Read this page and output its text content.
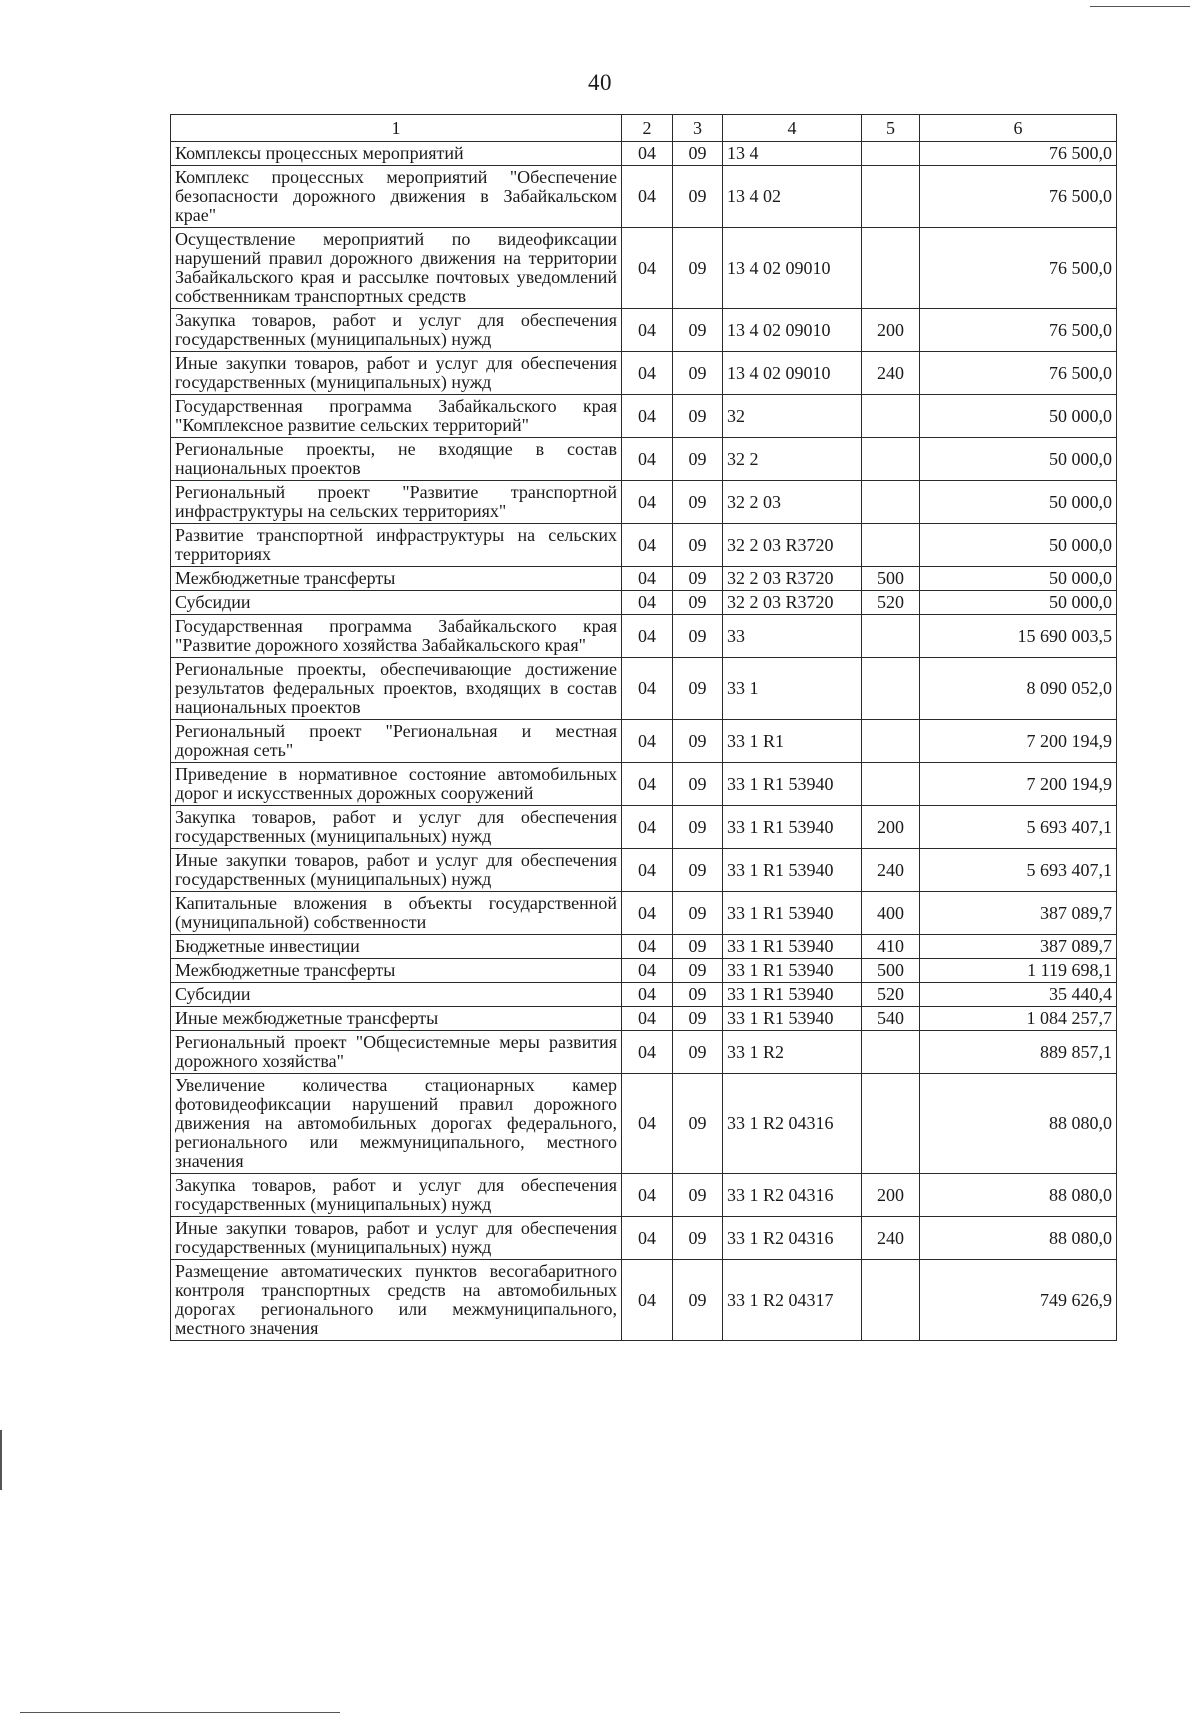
40
1	2	3	4	5	6
Комплексы процессных мероприятий	04	09	13 4		76 500,0
Комплекс процессных мероприятий "Обеспечение безопасности дорожного движения в Забайкальском крае"	04	09	13 4 02		76 500,0
Осуществление мероприятий по видеофиксации нарушений правил дорожного движения на территории Забайкальского края и рассылке почтовых уведомлений собственникам транспортных средств	04	09	13 4 02 09010		76 500,0
Закупка товаров, работ и услуг для обеспечения государственных (муниципальных) нужд	04	09	13 4 02 09010	200	76 500,0
Иные закупки товаров, работ и услуг для обеспечения государственных (муниципальных) нужд	04	09	13 4 02 09010	240	76 500,0
Государственная программа Забайкальского края "Комплексное развитие сельских территорий"	04	09	32		50 000,0
Региональные проекты, не входящие в состав национальных проектов	04	09	32 2		50 000,0
Региональный проект "Развитие транспортной инфраструктуры на сельских территориях"	04	09	32 2 03		50 000,0
Развитие транспортной инфраструктуры на сельских территориях	04	09	32 2 03 R3720		50 000,0
Межбюджетные трансферты	04	09	32 2 03 R3720	500	50 000,0
Субсидии	04	09	32 2 03 R3720	520	50 000,0
Государственная программа Забайкальского края "Развитие дорожного хозяйства Забайкальского края"	04	09	33		15 690 003,5
Региональные проекты, обеспечивающие достижение результатов федеральных проектов, входящих в состав национальных проектов	04	09	33 1		8 090 052,0
Региональный проект "Региональная и местная дорожная сеть"	04	09	33 1 R1		7 200 194,9
Приведение в нормативное состояние автомобильных дорог и искусственных дорожных сооружений	04	09	33 1 R1 53940		7 200 194,9
Закупка товаров, работ и услуг для обеспечения государственных (муниципальных) нужд	04	09	33 1 R1 53940	200	5 693 407,1
Иные закупки товаров, работ и услуг для обеспечения государственных (муниципальных) нужд	04	09	33 1 R1 53940	240	5 693 407,1
Капитальные вложения в объекты государственной (муниципальной) собственности	04	09	33 1 R1 53940	400	387 089,7
Бюджетные инвестиции	04	09	33 1 R1 53940	410	387 089,7
Межбюджетные трансферты	04	09	33 1 R1 53940	500	1 119 698,1
Субсидии	04	09	33 1 R1 53940	520	35 440,4
Иные межбюджетные трансферты	04	09	33 1 R1 53940	540	1 084 257,7
Региональный проект "Общесистемные меры развития дорожного хозяйства"	04	09	33 1 R2		889 857,1
Увеличение количества стационарных камер фотовидеофиксации нарушений правил дорожного движения на автомобильных дорогах федерального, регионального или межмуниципального, местного значения	04	09	33 1 R2 04316		88 080,0
Закупка товаров, работ и услуг для обеспечения государственных (муниципальных) нужд	04	09	33 1 R2 04316	200	88 080,0
Иные закупки товаров, работ и услуг для обеспечения государственных (муниципальных) нужд	04	09	33 1 R2 04316	240	88 080,0
Размещение автоматических пунктов весогабаритного контроля транспортных средств на автомобильных дорогах регионального или межмуниципального, местного значения	04	09	33 1 R2 04317		749 626,9
